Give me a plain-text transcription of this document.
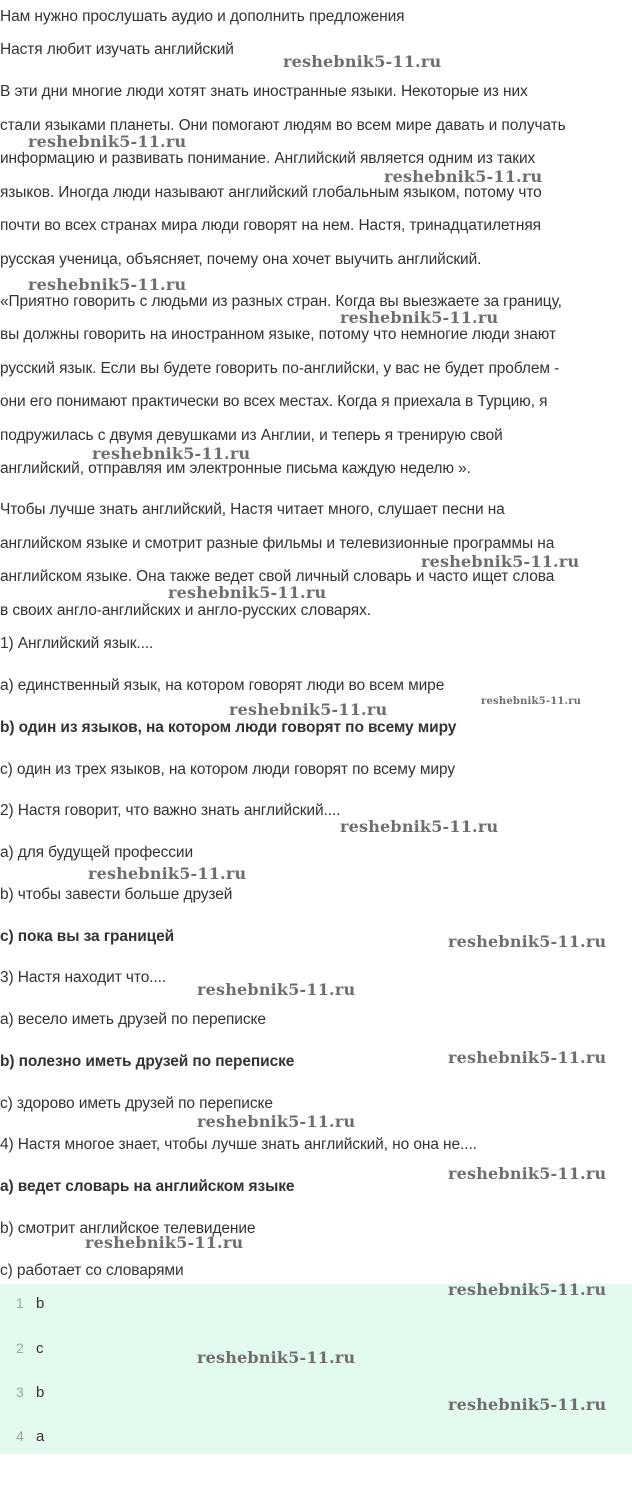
Нам нужно прослушать аудио и дополнить предложения

Настя любит изучать английский

В эти дни многие люди хотят знать иностранные языки. Некоторые из них

стали языками планеты. Они помогают людям во всем мире давать и получать

информацию и развивать понимание. Английский является одним из таких

языков. Иногда люди называют английский глобальным языком, потому что

почти во всех странах мира люди говорят на нем. Настя, тринадцатилетняя

русская ученица, объясняет, почему она хочет выучить английский.

«Приятно говорить с людьми из разных стран. Когда вы выезжаете за границу,

вы должны говорить на иностранном языке, потому что немногие люди знают

русский язык. Если вы будете говорить по-английски, у вас не будет проблем -

они его понимают практически во всех местах. Когда я приехала в Турцию, я

подружилась с двумя девушками из Англии, и теперь я тренирую свой

английский, отправляя им электронные письма каждую неделю ».

Чтобы лучше знать английский, Настя читает много, слушает песни на

английском языке и смотрит разные фильмы и телевизионные программы на

английском языке. Она также ведет свой личный словарь и часто ищет слова

в своих англо-английских и англо-русских словарях.

1) Английский язык....

a) единственный язык, на котором говорят люди во всем мире

b) один из языков, на котором люди говорят по всему миру

c) один из трех языков, на котором люди говорят по всему миру

2) Настя говорит, что важно знать английский....

a) для будущей профессии

b) чтобы завести больше друзей

c) пока вы за границей

3) Настя находит что....

a) весело иметь друзей по переписке

b) полезно иметь друзей по переписке

c) здорово иметь друзей по переписке

4) Настя многое знает, чтобы лучше знать английский, но она не....

a) ведет словарь на английском языке

b) смотрит английское телевидение

c) работает со словарями

1 b
2 c
3 b
4 a
reshebnik5-11.ru
reshebnik5-11.ru
reshebnik5-11.ru
reshebnik5-11.ru
reshebnik5-11.ru
reshebnik5-11.ru
reshebnik5-11.ru
reshebnik5-11.ru
reshebnik5-11.ru
reshebnik5-11.ru
reshebnik5-11.ru
reshebnik5-11.ru
reshebnik5-11.ru
reshebnik5-11.ru
reshebnik5-11.ru
reshebnik5-11.ru
reshebnik5-11.ru
reshebnik5-11.ru
reshebnik5-11.ru
reshebnik5-11.ru
reshebnik5-11.ru
